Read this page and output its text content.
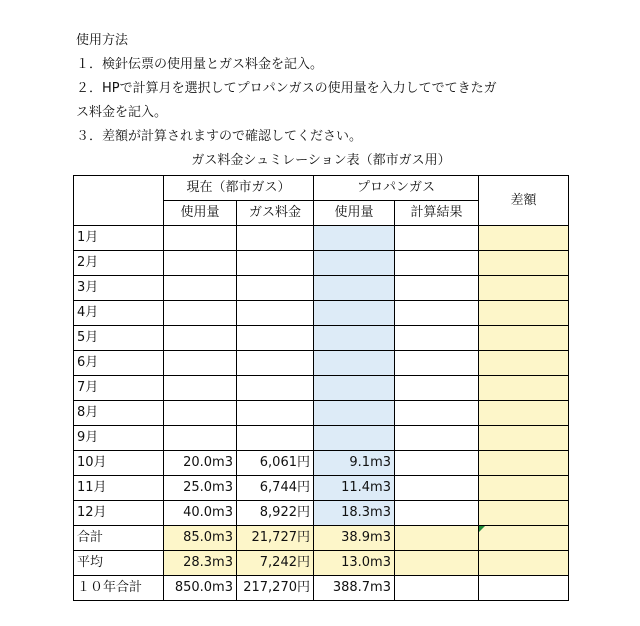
使用方法
１．検針伝票の使用量とガス料金を記入。
２．HPで計算月を選択してプロパンガスの使用量を入力してでてきたガ
ス料金を記入。
３．差額が計算されますので確認してください。
ガス料金シュミレーション表（都市ガス用）
	現在（都市ガス）		プロパンガス		差額
	使用量	ガス料金	使用量	計算結果	
1月					
2月					
3月					
4月					
5月					
6月					
7月					
8月					
9月					
10月	20.0m3	6,061円	9.1m3		
11月	25.0m3	6,744円	11.4m3		
12月	40.0m3	8,922円	18.3m3		
合計	85.0m3	21,727円	38.9m3		

平均	28.3m3	7,242円	13.0m3		
１０年合計	850.0m3	217,270円	388.7m3		
